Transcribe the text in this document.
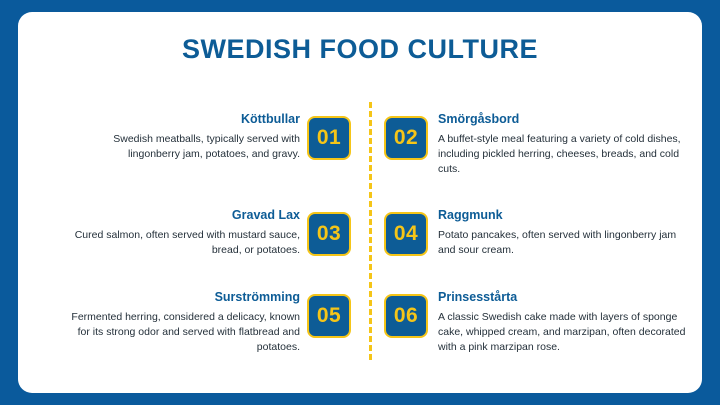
SWEDISH FOOD CULTURE
Köttbullar
Swedish meatballs, typically served with lingonberry jam, potatoes, and gravy.
01	02
Smörgåsbord
A buffet-style meal featuring a variety of cold dishes, including pickled herring, cheeses, breads, and cold cuts.
Gravad Lax
Cured salmon, often served with mustard sauce, bread, or potatoes.
03	04
Raggmunk
Potato pancakes, often served with lingonberry jam and sour cream.
Surströmming
Fermented herring, considered a delicacy, known for its strong odor and served with flatbread and potatoes.
05	06
Prinsesstårta
A classic Swedish cake made with layers of sponge cake, whipped cream, and marzipan, often decorated with a pink marzipan rose.
